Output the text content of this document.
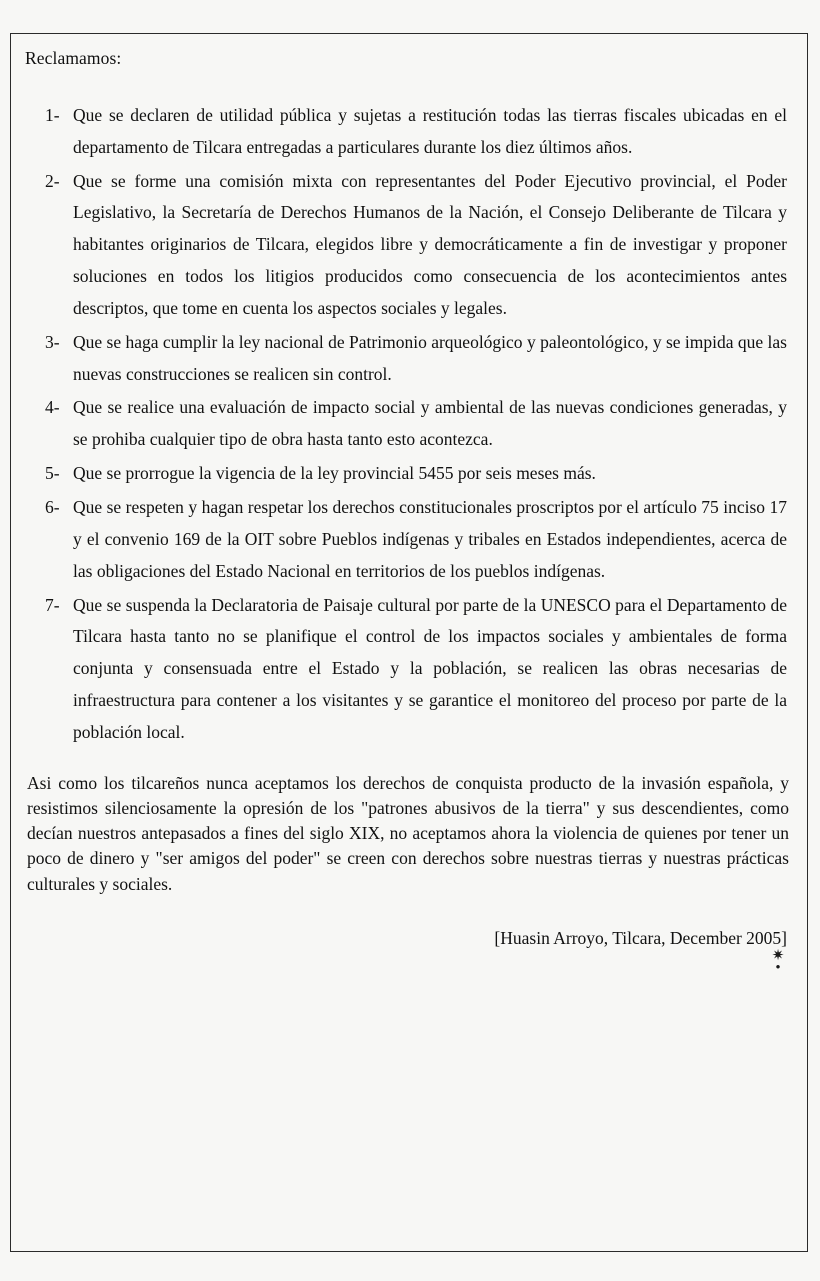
Reclamamos:

1- Que se declaren de utilidad pública y sujetas a restitución todas las tierras fiscales ubicadas en el departamento de Tilcara entregadas a particulares durante los diez últimos años.
2- Que se forme una comisión mixta con representantes del Poder Ejecutivo provincial, el Poder Legislativo, la Secretaría de Derechos Humanos de la Nación, el Consejo Deliberante de Tilcara y habitantes originarios de Tilcara, elegidos libre y democráticamente a fin de investigar y proponer soluciones en todos los litigios producidos como consecuencia de los acontecimientos antes descriptos, que tome en cuenta los aspectos sociales y legales.
3- Que se haga cumplir la ley nacional de Patrimonio arqueológico y paleontológico, y se impida que las nuevas construcciones se realicen sin control.
4- Que se realice una evaluación de impacto social y ambiental de las nuevas condiciones generadas, y se prohiba cualquier tipo de obra hasta tanto esto acontezca.
5- Que se prorrogue la vigencia de la ley provincial 5455 por seis meses más.
6- Que se respeten y hagan respetar los derechos constitucionales proscriptos por el artículo 75 inciso 17 y el convenio 169 de la OIT sobre Pueblos indígenas y tribales en Estados independientes, acerca de las obligaciones del Estado Nacional en territorios de los pueblos indígenas.
7- Que se suspenda la Declaratoria de Paisaje cultural por parte de la UNESCO para el Departamento de Tilcara hasta tanto no se planifique el control de los impactos sociales y ambientales de forma conjunta y consensuada entre el Estado y la población, se realicen las obras necesarias de infraestructura para contener a los visitantes y se garantice el monitoreo del proceso por parte de la población local.
✷
•

Asi como los tilcareños nunca aceptamos los derechos de conquista producto de la invasión española, y resistimos silenciosamente la opresión de los "patrones abusivos de la tierra" y sus descendientes, como decían nuestros antepasados a fines del siglo XIX, no aceptamos ahora la violencia de quienes por tener un poco de dinero y "ser amigos del poder" se creen con derechos sobre nuestras tierras y nuestras prácticas culturales y sociales.

[Huasin Arroyo, Tilcara, December 2005]
